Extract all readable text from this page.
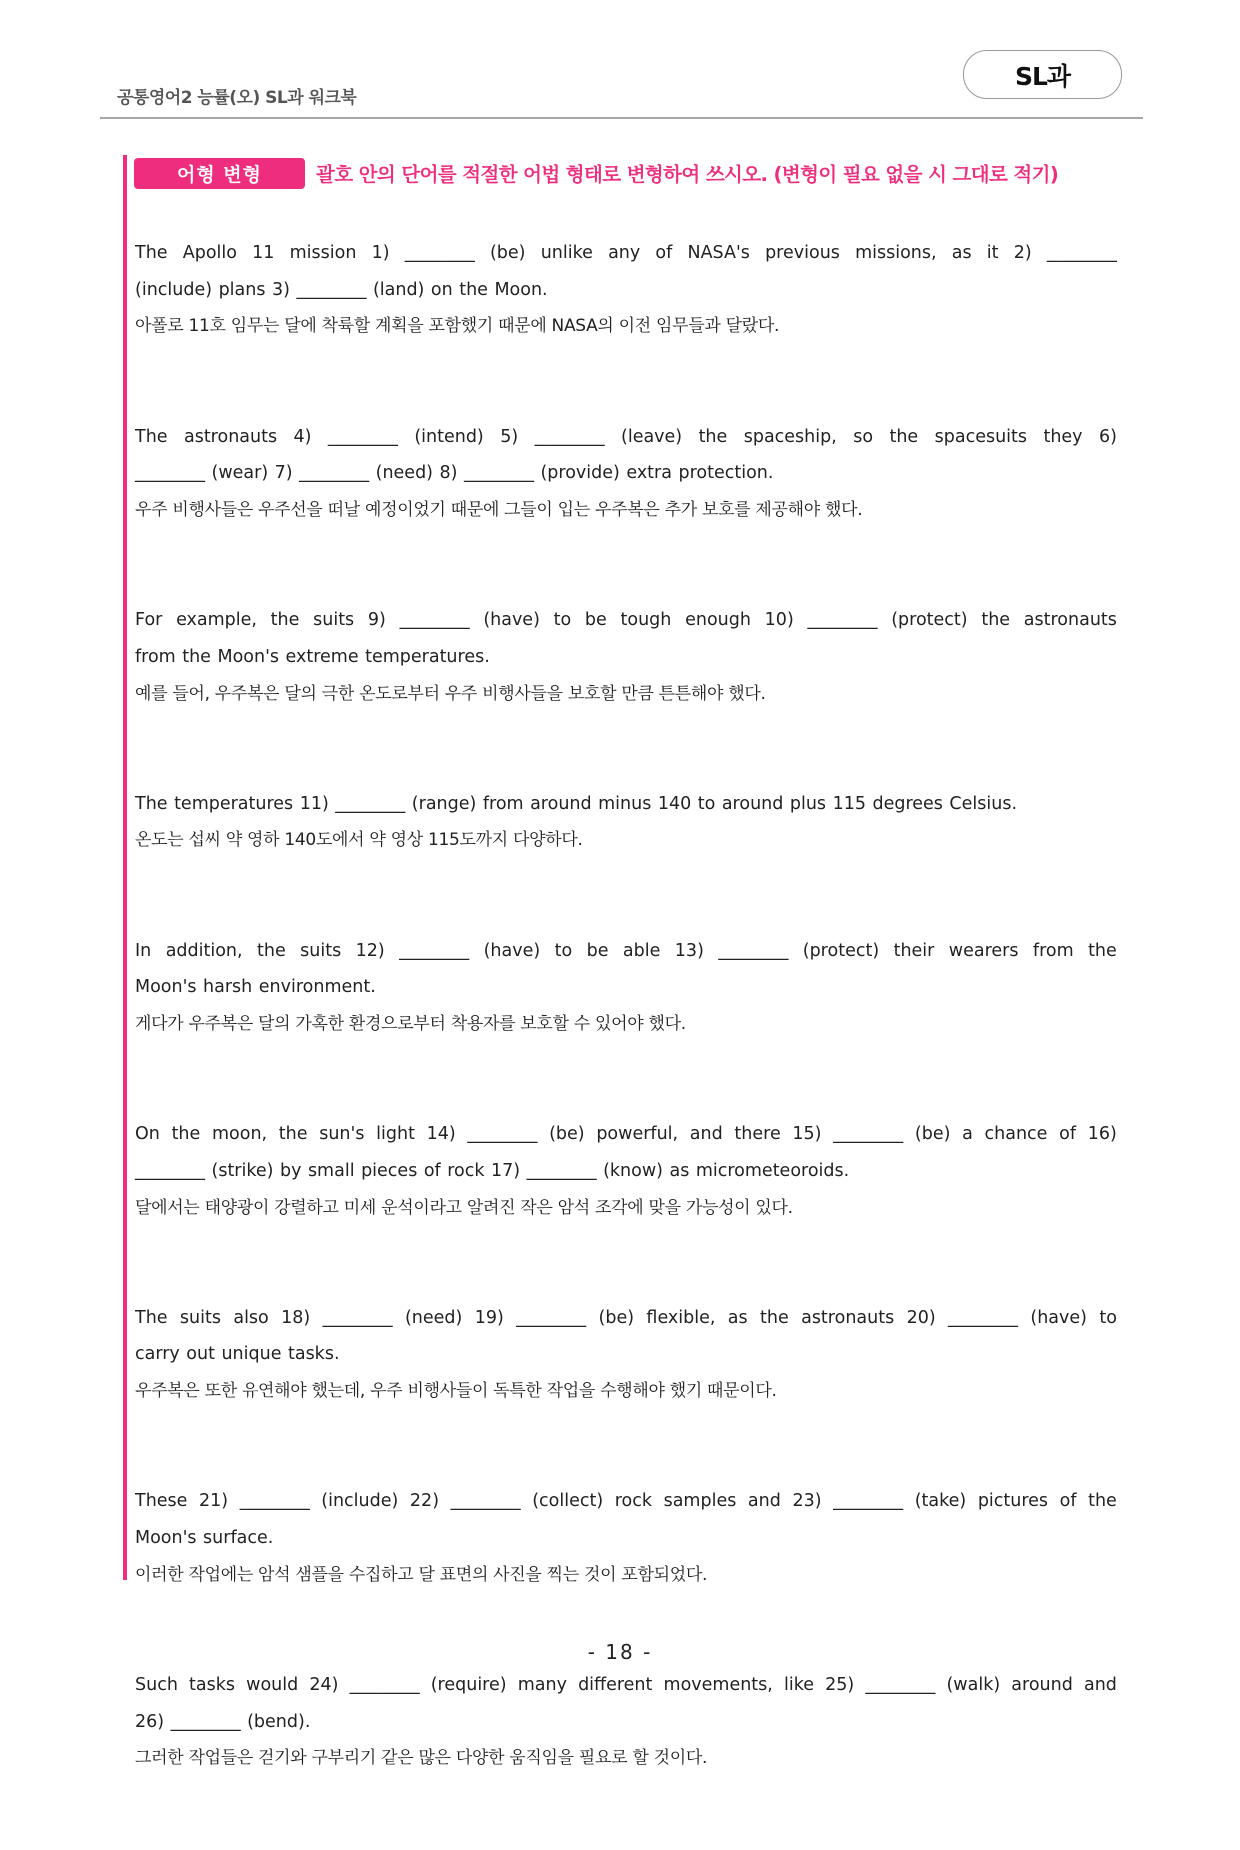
공통영어2 능률(오) SL과 워크북
SL과
어형 변형	괄호 안의 단어를 적절한 어법 형태로 변형하여 쓰시오. (변형이 필요 없을 시 그대로 적기)
The Apollo 11 mission 1) ________ (be) unlike any of NASA's previous missions, as it 2) ________
(include) plans 3) ________ (land) on the Moon.
아폴로 11호 임무는 달에 착륙할 계획을 포함했기 때문에 NASA의 이전 임무들과 달랐다.
The astronauts 4) ________ (intend) 5) ________ (leave) the spaceship, so the spacesuits they 6)
________ (wear) 7) ________ (need) 8) ________ (provide) extra protection.
우주 비행사들은 우주선을 떠날 예정이었기 때문에 그들이 입는 우주복은 추가 보호를 제공해야 했다.
For example, the suits 9) ________ (have) to be tough enough 10) ________ (protect) the astronauts
from the Moon's extreme temperatures.
예를 들어, 우주복은 달의 극한 온도로부터 우주 비행사들을 보호할 만큼 튼튼해야 했다.
The temperatures 11) ________ (range) from around minus 140 to around plus 115 degrees Celsius.
온도는 섭씨 약 영하 140도에서 약 영상 115도까지 다양하다.
In addition, the suits 12) ________ (have) to be able 13) ________ (protect) their wearers from the
Moon's harsh environment.
게다가 우주복은 달의 가혹한 환경으로부터 착용자를 보호할 수 있어야 했다.
On the moon, the sun's light 14) ________ (be) powerful, and there 15) ________ (be) a chance of 16)
________ (strike) by small pieces of rock 17) ________ (know) as micrometeoroids.
달에서는 태양광이 강렬하고 미세 운석이라고 알려진 작은 암석 조각에 맞을 가능성이 있다.
The suits also 18) ________ (need) 19) ________ (be) flexible, as the astronauts 20) ________ (have) to
carry out unique tasks.
우주복은 또한 유연해야 했는데, 우주 비행사들이 독특한 작업을 수행해야 했기 때문이다.
These 21) ________ (include) 22) ________ (collect) rock samples and 23) ________ (take) pictures of the
Moon's surface.
이러한 작업에는 암석 샘플을 수집하고 달 표면의 사진을 찍는 것이 포함되었다.
Such tasks would 24) ________ (require) many different movements, like 25) ________ (walk) around and
26) ________ (bend).
그러한 작업들은 걷기와 구부리기 같은 많은 다양한 움직임을 필요로 할 것이다.
- 18 -
